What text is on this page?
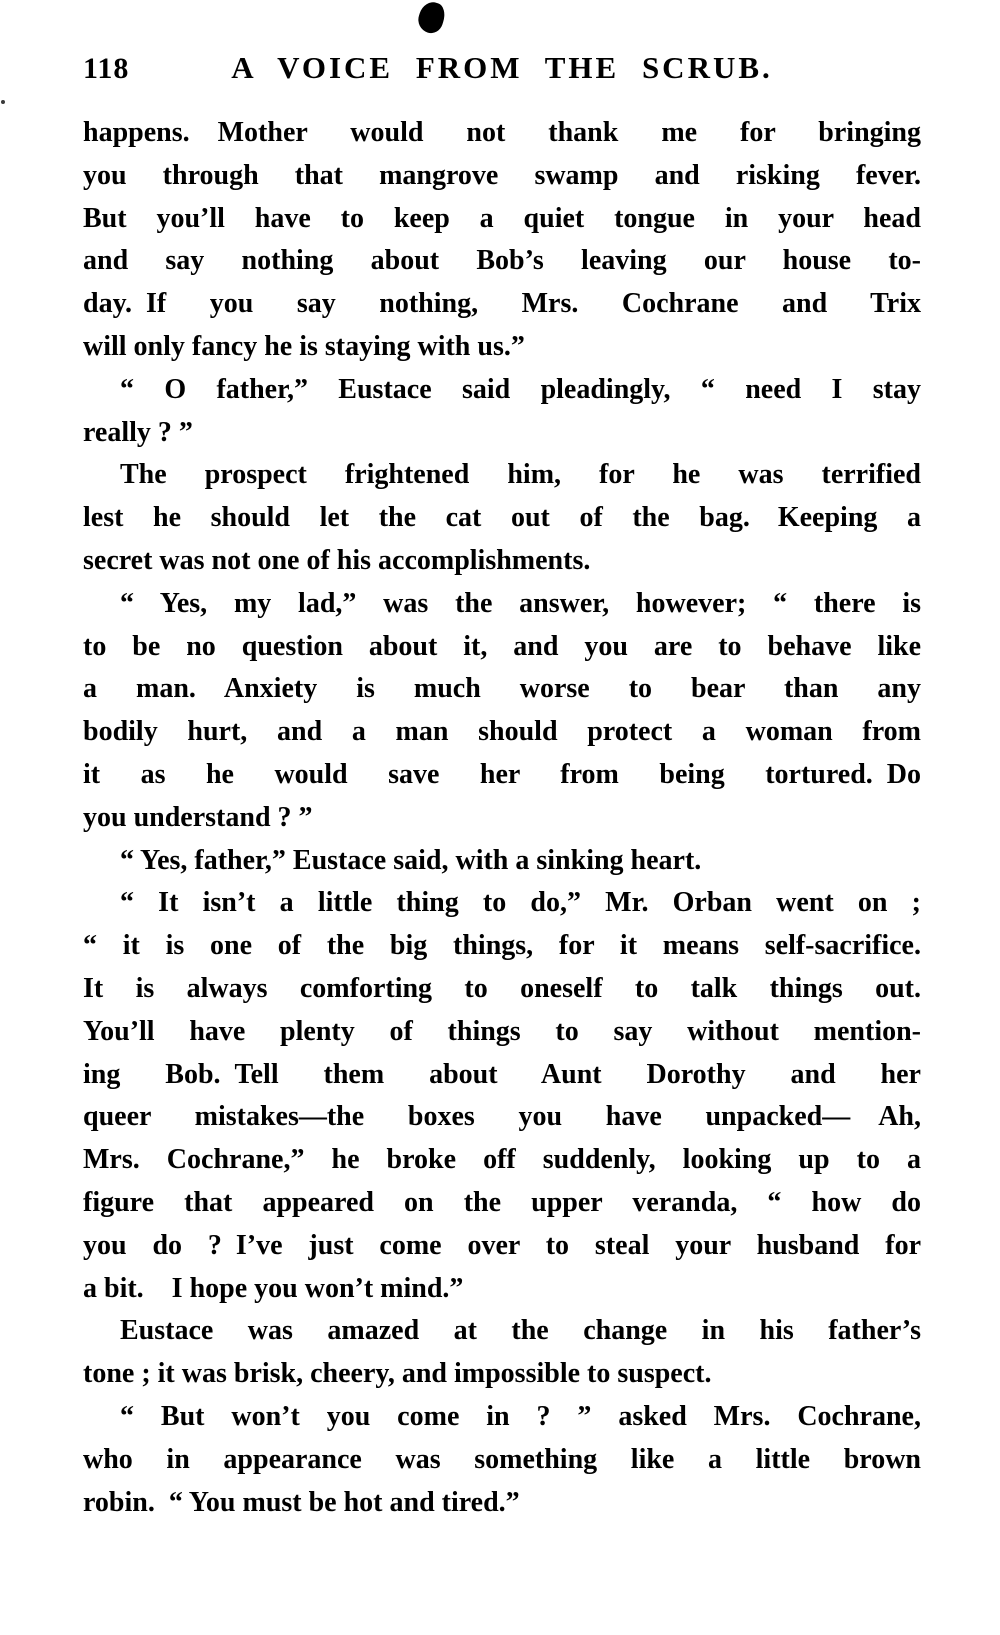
118	A VOICE FROM THE SCRUB.
happens. Mother would not thank me for bringing
you through that mangrove swamp and risking fever.
But you’ll have to keep a quiet tongue in your head
and say nothing about Bob’s leaving our house to-
day. If you say nothing, Mrs. Cochrane and Trix
will only fancy he is staying with us.”
“ O father,” Eustace said pleadingly, “ need I stay
really ? ”
The prospect frightened him, for he was terrified
lest he should let the cat out of the bag. Keeping a
secret was not one of his accomplishments.
“ Yes, my lad,” was the answer, however; “ there is
to be no question about it, and you are to behave like
a man. Anxiety is much worse to bear than any
bodily hurt, and a man should protect a woman from
it as he would save her from being tortured. Do
you understand ? ”
“ Yes, father,” Eustace said, with a sinking heart.
“ It isn’t a little thing to do,” Mr. Orban went on ;
“ it is one of the big things, for it means self-sacrifice.
It is always comforting to oneself to talk things out.
You’ll have plenty of things to say without mention-
ing Bob. Tell them about Aunt Dorothy and her
queer mistakes—the boxes you have unpacked— Ah,
Mrs. Cochrane,” he broke off suddenly, looking up to a
figure that appeared on the upper veranda, “ how do
you do ? I’ve just come over to steal your husband for
a bit. I hope you won’t mind.”
Eustace was amazed at the change in his father’s
tone ; it was brisk, cheery, and impossible to suspect.
“ But won’t you come in ? ” asked Mrs. Cochrane,
who in appearance was something like a little brown
robin. “ You must be hot and tired.”
